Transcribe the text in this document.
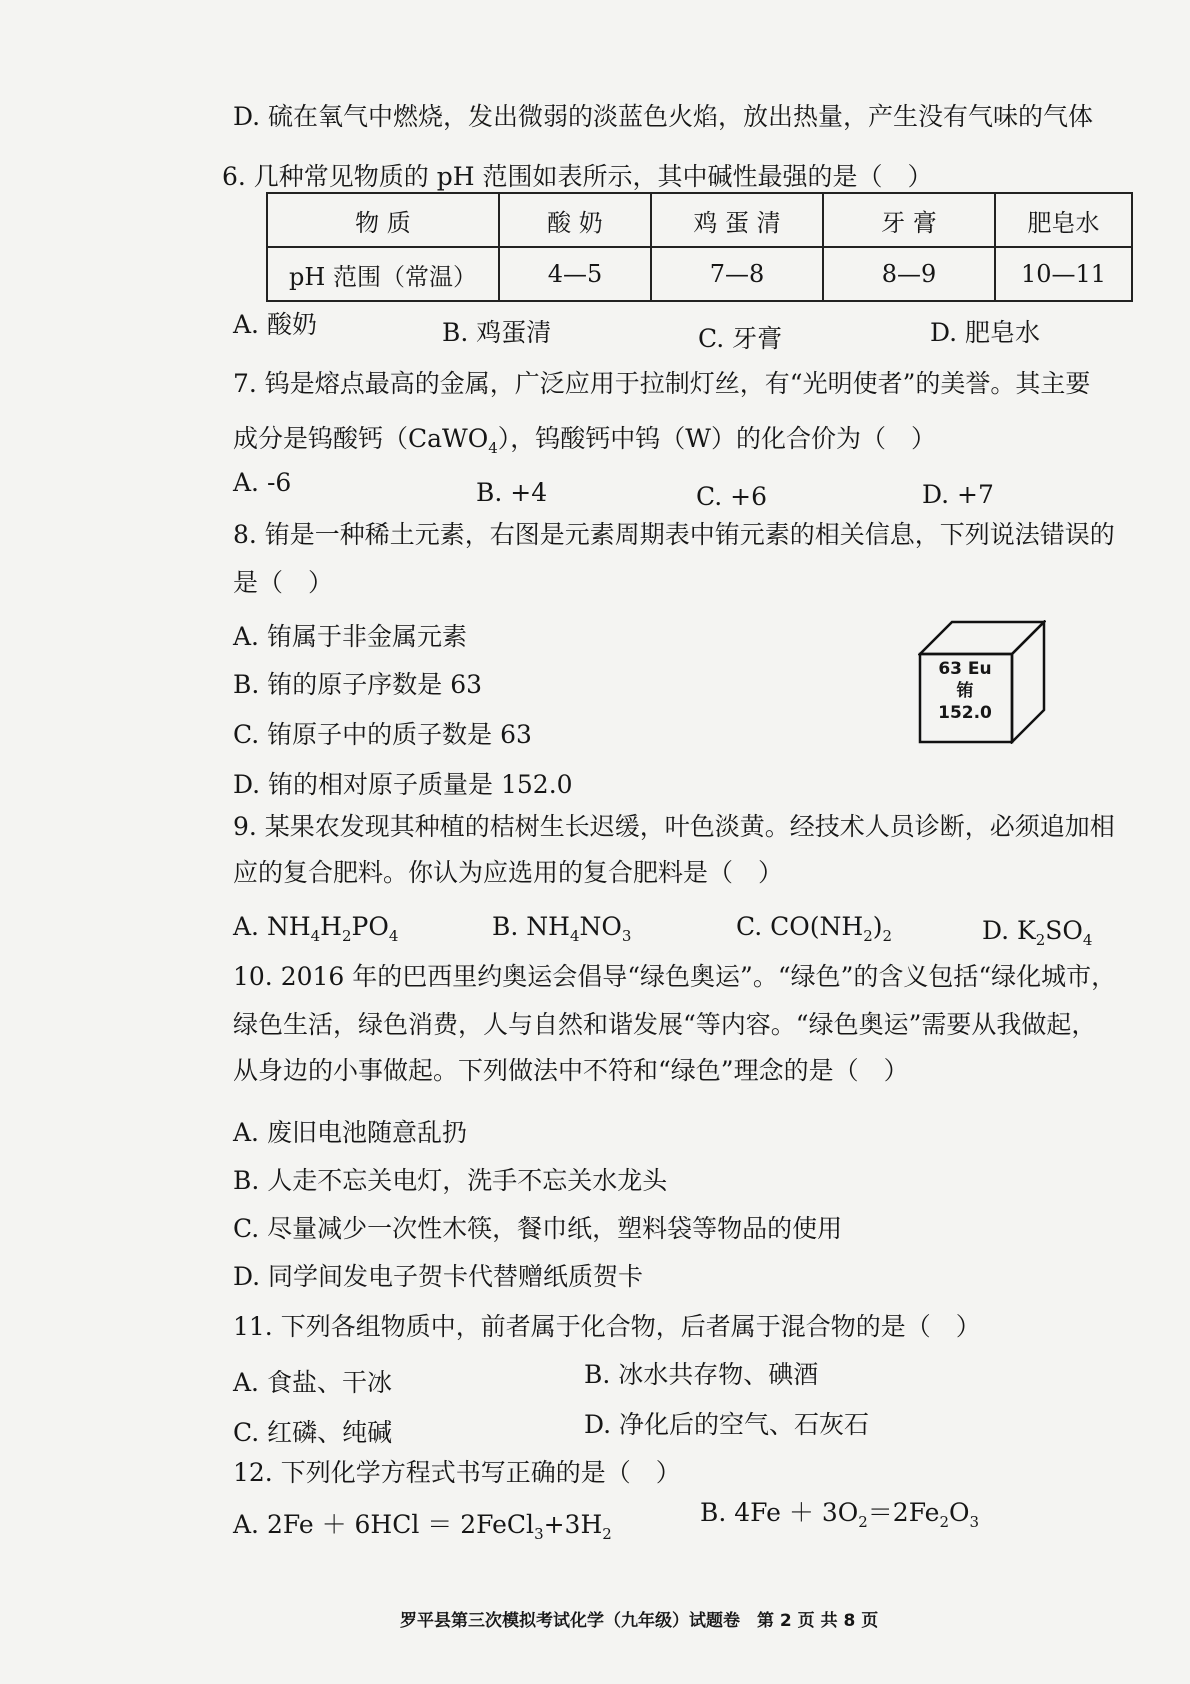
D. 硫在氧气中燃烧，发出微弱的淡蓝色火焰，放出热量，产生没有气味的气体
6. 几种常见物质的 pH 范围如表所示，其中碱性最强的是（　）
物 质	酸 奶	鸡 蛋 清	牙 膏	肥皂水
pH 范围（常温）	4—5	7—8	8—9	10—11
A. 酸奶	B. 鸡蛋清	C. 牙膏	D. 肥皂水
7. 钨是熔点最高的金属，广泛应用于拉制灯丝，有“光明使者”的美誉。其主要
成分是钨酸钙（CaWO$_4$），钨酸钙中钨（W）的化合价为（　）
A. -6	B. +4	C. +6	D. +7
8. 铕是一种稀土元素，右图是元素周期表中铕元素的相关信息，下列说法错误的
是（　）
A. 铕属于非金属元素
B. 铕的原子序数是 63
C. 铕原子中的质子数是 63
D. 铕的相对原子质量是 152.0
63 Eu
铕
152.0
9. 某果农发现其种植的桔树生长迟缓，叶色淡黄。经技术人员诊断，必须追加相
应的复合肥料。你认为应选用的复合肥料是（　）
A. $NH_4H_2PO_4$	B. $NH_4NO_3$	C. $CO(NH_2)_2$	D. $K_2SO_4$
10. 2016 年的巴西里约奥运会倡导“绿色奥运”。“绿色”的含义包括“绿化城市，
绿色生活，绿色消费，人与自然和谐发展“等内容。“绿色奥运”需要从我做起，
从身边的小事做起。下列做法中不符和“绿色”理念的是（　）
A. 废旧电池随意乱扔
B. 人走不忘关电灯，洗手不忘关水龙头
C. 尽量减少一次性木筷，餐巾纸，塑料袋等物品的使用
D. 同学间发电子贺卡代替赠纸质贺卡
11. 下列各组物质中，前者属于化合物，后者属于混合物的是（　）
A. 食盐、干冰	B. 冰水共存物、碘酒
C. 红磷、纯碱	D. 净化后的空气、石灰石
12. 下列化学方程式书写正确的是（　）
A. $2Fe + 6HCl = 2FeCl_3+3H_2$
B. $4Fe + 3O_2=2Fe_2O_3$
罗平县第三次模拟考试化学（九年级）试题卷　第 2 页 共 8 页
